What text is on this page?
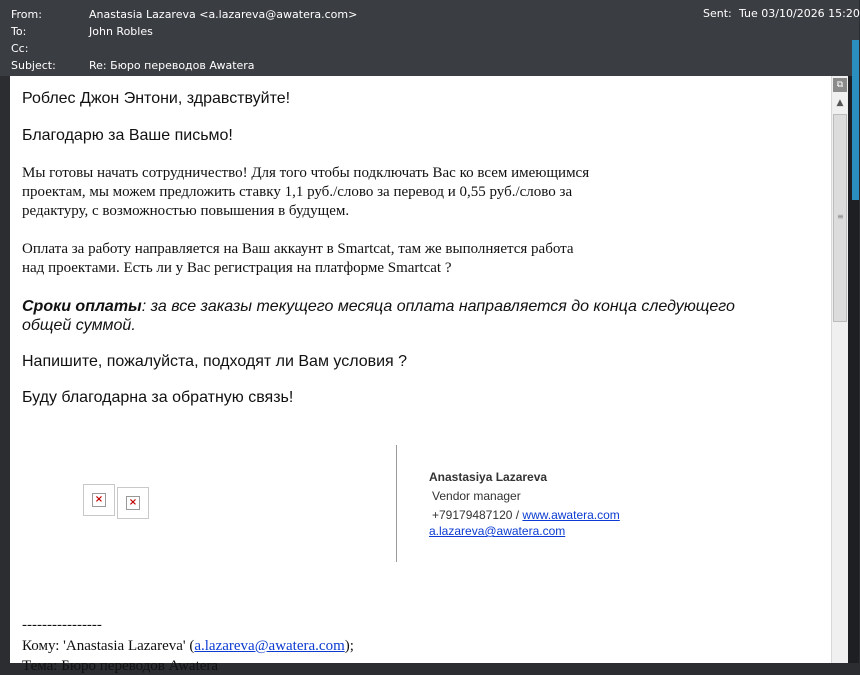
From:	Anastasia Lazareva <a.lazareva@awatera.com>	Sent: Tue 03/10/2026 15:20
To:	John Robles
Cc:
Subject:	Re: Бюро переводов Awatera
Роблес Джон Энтони, здравствуйте!
Благодарю за Ваше письмо!
Мы готовы начать сотрудничество! Для того чтобы подключать Вас ко всем имеющимся
проектам, мы можем предложить ставку 1,1 руб./слово за перевод и 0,55 руб./слово за
редактуру, с возможностью повышения в будущем.
Оплата за работу направляется на Ваш аккаунт в Smartcat, там же выполняется работа
над проектами. Есть ли у Вас регистрация на платформе Smartcat ?
Сроки оплаты: за все заказы текущего месяца оплата направляется до конца следующего
общей суммой.
Напишите, пожалуйста, подходят ли Вам условия ?
Буду благодарна за обратную связь!
×	×
Anastasiya Lazareva
Vendor manager
+79179487120 / www.awatera.com
a.lazareva@awatera.com
----------------
Кому: 'Anastasia Lazareva' (a.lazareva@awatera.com);
Тема: Бюро переводов Awatera
⧉
▲
≡
